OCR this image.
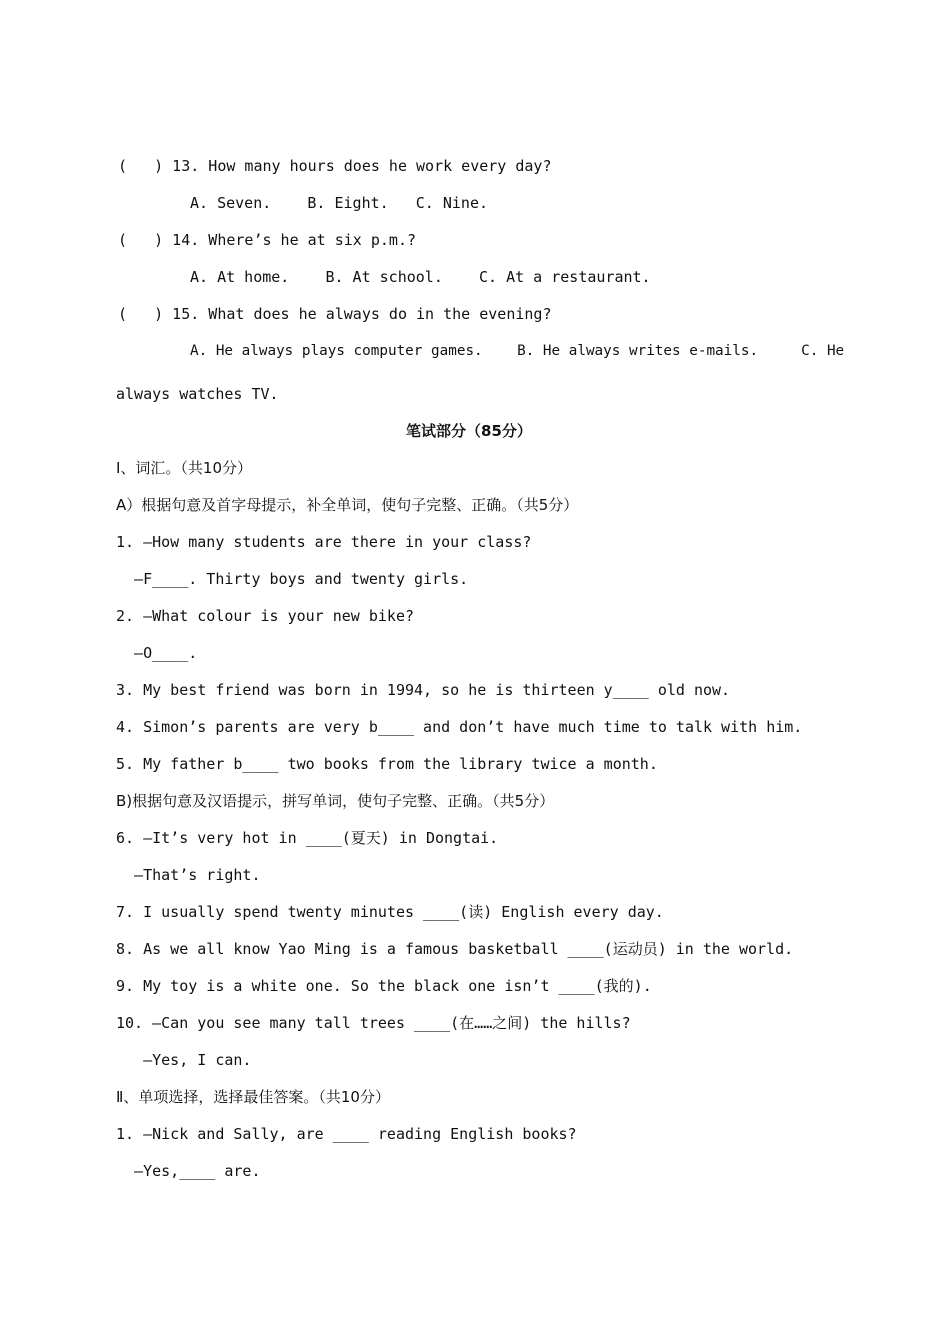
(   ) 13. How many hours does he work every day?
A. Seven.    B. Eight.   C. Nine.
(   ) 14. Where’s he at six p.m.?
A. At home.    B. At school.    C. At a restaurant.
(   ) 15. What does he always do in the evening?
A. He always plays computer games.    B. He always writes e-mails.     C. He
always watches TV.
笔试部分（85分）
Ⅰ、词汇。（共10分）
A）根据句意及首字母提示，补全单词，使句子完整、正确。（共5分）
1. —How many students are there in your class?
—F____. Thirty boys and twenty girls.
2. —What colour is your new bike?
—O____.
3. My best friend was born in 1994, so he is thirteen y____ old now.
4. Simon’s parents are very b____ and don’t have much time to talk with him.
5. My father b____ two books from the library twice a month.
B)根据句意及汉语提示，拼写单词，使句子完整、正确。（共5分）
6. —It’s very hot in ____(夏天) in Dongtai.
—That’s right.
7. I usually spend twenty minutes ____(读) English every day.
8. As we all know Yao Ming is a famous basketball ____(运动员) in the world.
9. My toy is a white one. So the black one isn’t ____(我的).
10. —Can you see many tall trees ____(在……之间) the hills?
—Yes, I can.
Ⅱ、单项选择，选择最佳答案。（共10分）
1. —Nick and Sally, are ____ reading English books?
—Yes,____ are.
